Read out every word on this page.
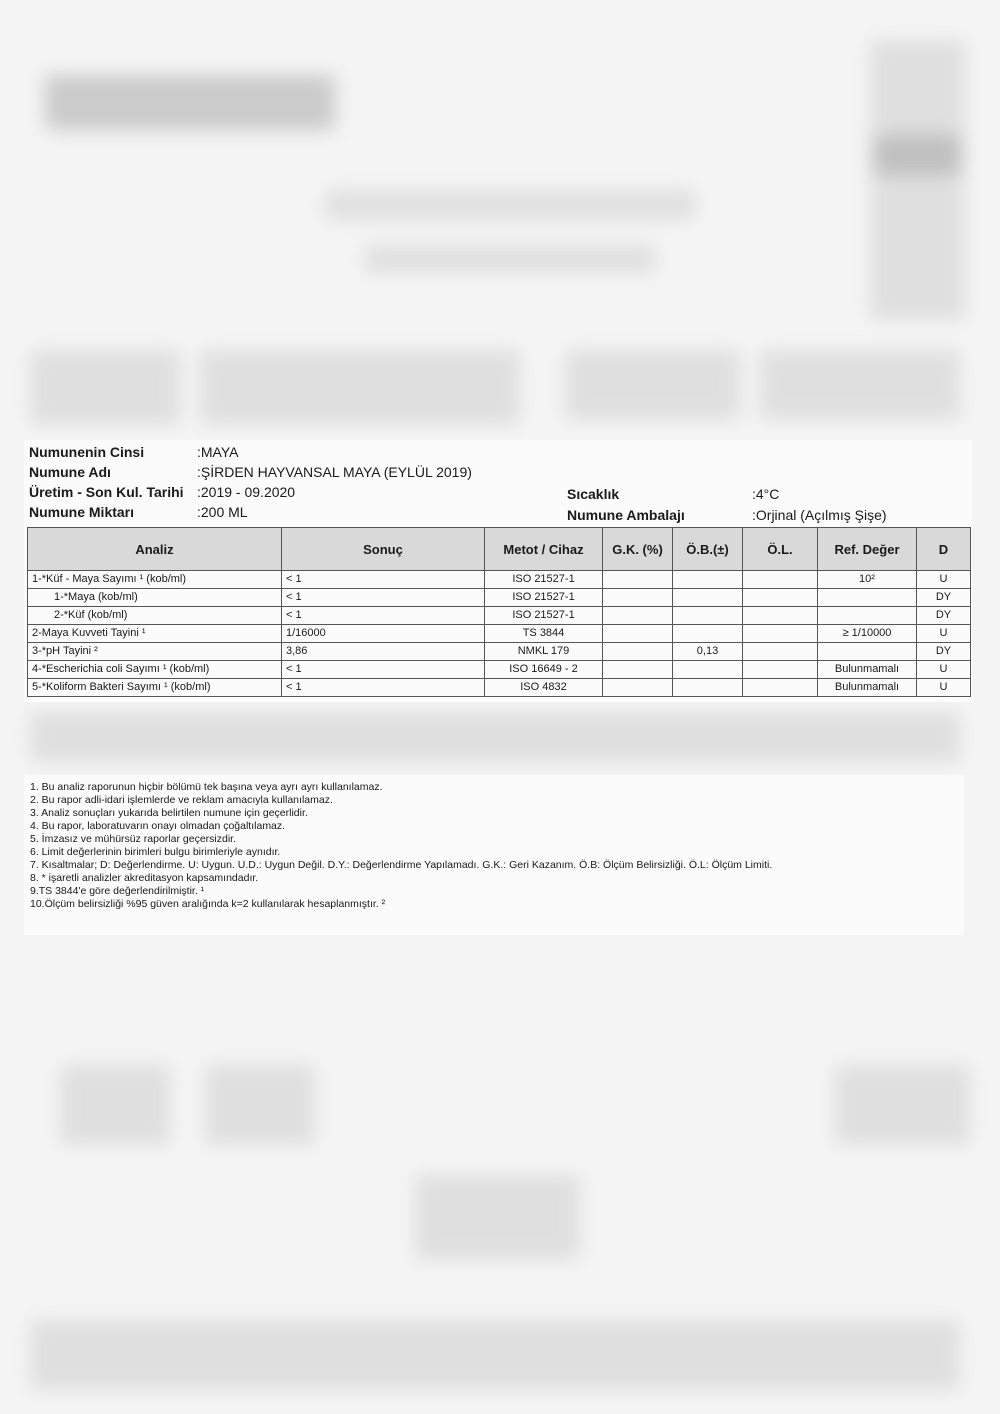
Numunenin Cinsi	:MAYA
Numune Adı	:ŞİRDEN HAYVANSAL MAYA (EYLÜL 2019)
Üretim - Son Kul. Tarihi :2019 - 09.2020
Numune Miktarı	:200 ML
Sıcaklık	:4°C
Numune Ambalajı	:Orjinal (Açılmış Şişe)
Analiz	Sonuç	Metot / Cihaz	G.K. (%)	Ö.B.(±)	Ö.L.	Ref. Değer	D
1-*Küf - Maya Sayımı ¹ (kob/ml)	< 1	ISO 21527-1				10²	U
1-*Maya (kob/ml)	< 1	ISO 21527-1					DY
2-*Küf (kob/ml)	< 1	ISO 21527-1					DY
2-Maya Kuvveti Tayini ¹	1/16000	TS 3844				≥ 1/10000	U
3-*pH Tayini ²	3,86	NMKL 179		0,13			DY
4-*Escherichia coli Sayımı ¹ (kob/ml)	< 1	ISO 16649 - 2				Bulunmamalı	U
5-*Koliform Bakteri Sayımı ¹ (kob/ml)	< 1	ISO 4832				Bulunmamalı	U
1. Bu analiz raporunun hiçbir bölümü tek başına veya ayrı ayrı kullanılamaz.
2. Bu rapor adli-idari işlemlerde ve reklam amacıyla kullanılamaz.
3. Analiz sonuçları yukarıda belirtilen numune için geçerlidir.
4. Bu rapor, laboratuvarın onayı olmadan çoğaltılamaz.
5. İmzasız ve mühürsüz raporlar geçersizdir.
6. Limit değerlerinin birimleri bulgu birimleriyle aynıdır.
7. Kısaltmalar; D: Değerlendirme. U: Uygun. U.D.: Uygun Değil. D.Y.: Değerlendirme Yapılamadı. G.K.: Geri Kazanım. Ö.B: Ölçüm Belirsizliği. Ö.L: Ölçüm Limiti.
8. * işaretli analizler akreditasyon kapsamındadır.
9.TS 3844'e göre değerlendirilmiştir. ¹
10.Ölçüm belirsizliği %95 güven aralığında k=2 kullanılarak hesaplanmıştır. ²
